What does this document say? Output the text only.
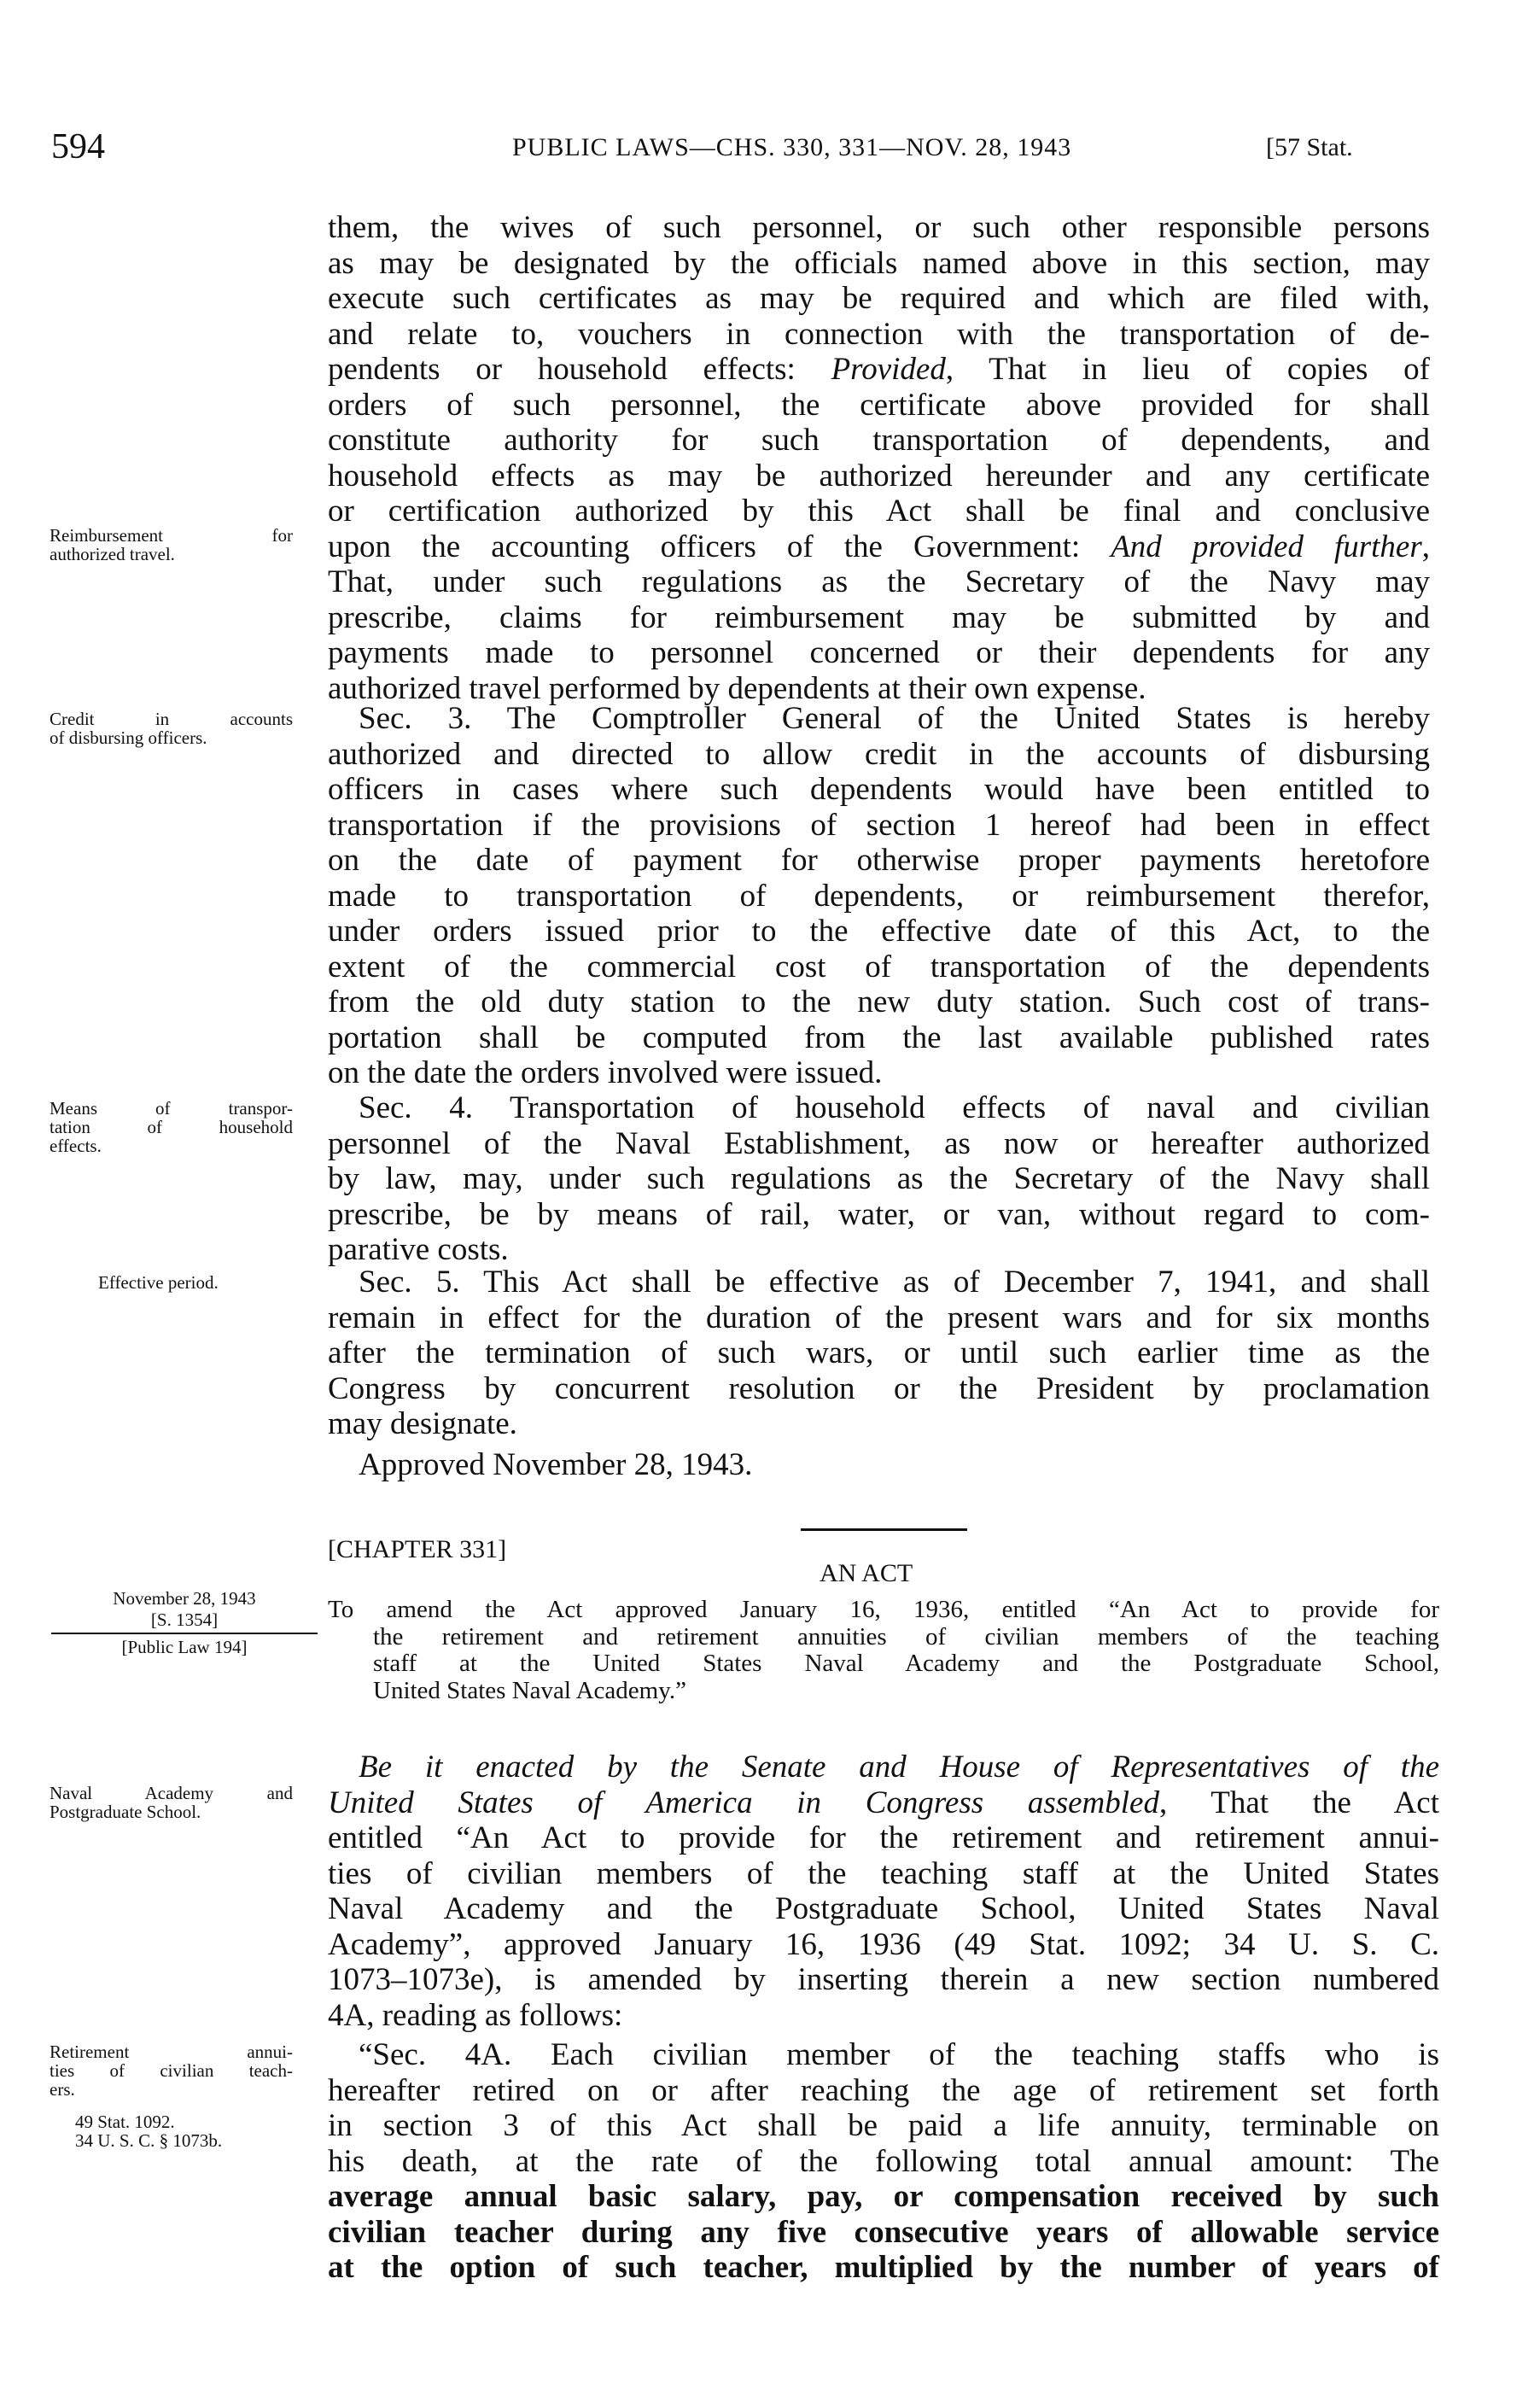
594	PUBLIC LAWS—CHS. 330, 331—NOV. 28, 1943	[57 Stat.
them, the wives of such personnel, or such other responsible persons
as may be designated by the officials named above in this section, may
execute such certificates as may be required and which are filed with,
and relate to, vouchers in connection with the transportation of de-
pendents or household effects: Provided, That in lieu of copies of
orders of such personnel, the certificate above provided for shall
constitute authority for such transportation of dependents, and
household effects as may be authorized hereunder and any certificate
or certification authorized by this Act shall be final and conclusive
upon the accounting officers of the Government: And provided further,
That, under such regulations as the Secretary of the Navy may
prescribe, claims for reimbursement may be submitted by and
payments made to personnel concerned or their dependents for any
authorized travel performed by dependents at their own expense.
Sec. 3. The Comptroller General of the United States is hereby
authorized and directed to allow credit in the accounts of disbursing
officers in cases where such dependents would have been entitled to
transportation if the provisions of section 1 hereof had been in effect
on the date of payment for otherwise proper payments heretofore
made to transportation of dependents, or reimbursement therefor,
under orders issued prior to the effective date of this Act, to the
extent of the commercial cost of transportation of the dependents
from the old duty station to the new duty station. Such cost of trans-
portation shall be computed from the last available published rates
on the date the orders involved were issued.
Sec. 4. Transportation of household effects of naval and civilian
personnel of the Naval Establishment, as now or hereafter authorized
by law, may, under such regulations as the Secretary of the Navy shall
prescribe, be by means of rail, water, or van, without regard to com-
parative costs.
Sec. 5. This Act shall be effective as of December 7, 1941, and shall
remain in effect for the duration of the present wars and for six months
after the termination of such wars, or until such earlier time as the
Congress by concurrent resolution or the President by proclamation
may designate.
Approved November 28, 1943.
[CHAPTER 331]
AN ACT
November 28, 1943
[S. 1354]
[Public Law 194]
To amend the Act approved January 16, 1936, entitled “An Act to provide for
the retirement and retirement annuities of civilian members of the teaching
staff at the United States Naval Academy and the Postgraduate School,
United States Naval Academy.”
Be it enacted by the Senate and House of Representatives of the
United States of America in Congress assembled, That the Act
entitled “An Act to provide for the retirement and retirement annui-
ties of civilian members of the teaching staff at the United States
Naval Academy and the Postgraduate School, United States Naval
Academy”, approved January 16, 1936 (49 Stat. 1092; 34 U. S. C.
1073–1073e), is amended by inserting therein a new section numbered
4A, reading as follows:
“Sec. 4A. Each civilian member of the teaching staffs who is
hereafter retired on or after reaching the age of retirement set forth
in section 3 of this Act shall be paid a life annuity, terminable on
his death, at the rate of the following total annual amount: The
average annual basic salary, pay, or compensation received by such
civilian teacher during any five consecutive years of allowable service
at the option of such teacher, multiplied by the number of years of
Reimbursement for
authorized travel.
Credit in accounts
of disbursing officers.
Means of transpor-
tation of household
effects.
Effective period.
Naval Academy and
Postgraduate School.
Retirement annui-
ties of civilian teach-
ers.
49 Stat. 1092.
34 U. S. C. § 1073b.
